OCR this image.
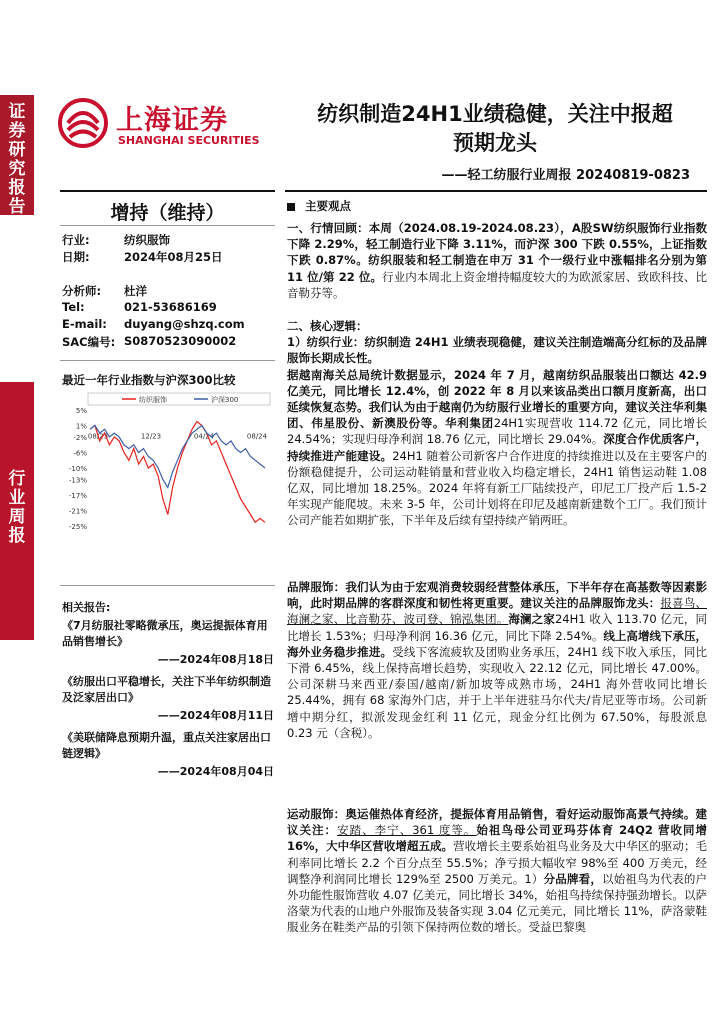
证券研究报告
行业周报
上海证券
SHANGHAI SECURITIES
纺织制造24H1业绩稳健，关注中报超
预期龙头
——轻工纺服行业周报 20240819-0823
增持（维持）
行业:	纺织服饰
日期:	2024年08月25日
分析师: 杜洋
Tel:	021-53686169
E-mail: duyang@shzq.com
SAC编号: S0870523090002
最近一年行业指数与沪深300比较
5%
1%
-2%
-6%
-10%
-13%
-17%
-21%
-25%
08/23	12/23	04/24	08/24
纺织服饰	沪深300
相关报告:
《7月纺服社零略微承压，奥运提振体育用品销售增长》
——2024年08月18日
《纺服出口平稳增长，关注下半年纺织制造及泛家居出口》
——2024年08月11日
《美联储降息预期升温，重点关注家居出口链逻辑》
——2024年08月04日
主要观点

一、行情回顾：本周（2024.08.19-2024.08.23），A股SW纺织服饰行业指数下降 2.29%，轻工制造行业下降 3.11%，而沪深 300 下跌 0.55%，上证指数下跌 0.87%。纺织服装和轻工制造在申万 31 个一级行业中涨幅排名分别为第 11 位/第 22 位。行业内本周北上资金增持幅度较大的为欧派家居、致欧科技、比音勒芬等。

二、核心逻辑：

1）纺织行业：纺织制造 24H1 业绩表现稳健，建议关注制造端高分红标的及品牌服饰长期成长性。

据越南海关总局统计数据显示，2024 年 7 月，越南纺织品服装出口额达 42.9 亿美元，同比增长 12.4%，创 2022 年 8 月以来该品类出口额月度新高，出口延续恢复态势。我们认为由于越南仍为纺服行业增长的重要方向，建议关注华利集团、伟星股份、新澳股份等。华利集团24H1实现营收 114.72 亿元，同比增长 24.54%；实现归母净利润 18.76 亿元，同比增长 29.04%。深度合作优质客户，持续推进产能建设。24H1 随着公司新客户合作进度的持续推进以及在主要客户的份额稳健提升，公司运动鞋销量和营业收入均稳定增长，24H1 销售运动鞋 1.08 亿双，同比增加 18.25%。2024 年将有新工厂陆续投产，印尼工厂投产后 1.5-2 年实现产能爬坡。未来 3-5 年，公司计划将在印尼及越南新建数个工厂。我们预计公司产能若如期扩张，下半年及后续有望持续产销两旺。

品牌服饰：我们认为由于宏观消费较弱经营整体承压，下半年存在高基数等因素影响，此时期品牌的客群深度和韧性将更重要。建议关注的品牌服饰龙头：报喜鸟、海澜之家、比音勒芬、波司登、锦泓集团。海澜之家24H1 收入 113.70 亿元，同比增长 1.53%；归母净利润 16.36 亿元，同比下降 2.54%。线上高增线下承压，海外业务稳步推进。受线下客流疲软及团购业务承压，24H1 线下收入承压，同比下滑 6.45%，线上保持高增长趋势，实现收入 22.12 亿元，同比增长 47.00%。公司深耕马来西亚/泰国/越南/新加坡等成熟市场，24H1 海外营收同比增长 25.44%，拥有 68 家海外门店，并于上半年进驻马尔代夫/肯尼亚等市场。公司新增中期分红，拟派发现金红利 11 亿元，现金分红比例为 67.50%，每股派息 0.23 元（含税）。

运动服饰：奥运催热体育经济，提振体育用品销售，看好运动服饰高景气持续。建议关注：安踏、李宁、361 度等。始祖鸟母公司亚玛芬体育 24Q2 营收同增 16%，大中华区营收增超五成。营收增长主要系始祖鸟业务及大中华区的驱动；毛利率同比增长 2.2 个百分点至 55.5%；净亏损大幅收窄 98%至 400 万美元，经调整净利润同比增长 129%至 2500 万美元。1）分品牌看，以始祖鸟为代表的户外功能性服饰营收 4.07 亿美元，同比增长 34%，始祖鸟持续保持强劲增长。以萨洛蒙为代表的山地户外服饰及装备实现 3.04 亿元美元，同比增长 11%，萨洛蒙鞋服业务在鞋类产品的引领下保持两位数的增长。受益巴黎奥
